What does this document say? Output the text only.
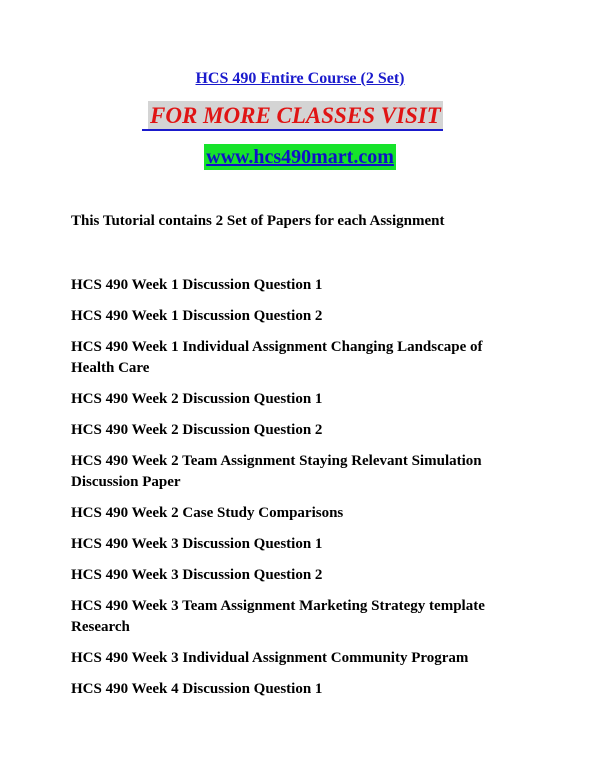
HCS 490 Entire Course (2 Set)
FOR MORE CLASSES VISIT
www.hcs490mart.com
This Tutorial contains 2 Set of Papers for each Assignment
HCS 490 Week 1 Discussion Question 1
HCS 490 Week 1 Discussion Question 2
HCS 490 Week 1 Individual Assignment Changing Landscape of Health Care
HCS 490 Week 2 Discussion Question 1
HCS 490 Week 2 Discussion Question 2
HCS 490 Week 2 Team Assignment Staying Relevant Simulation Discussion Paper
HCS 490 Week 2 Case Study Comparisons
HCS 490 Week 3 Discussion Question 1
HCS 490 Week 3 Discussion Question 2
HCS 490 Week 3 Team Assignment Marketing Strategy template Research
HCS 490 Week 3 Individual Assignment Community Program
HCS 490 Week 4 Discussion Question 1
